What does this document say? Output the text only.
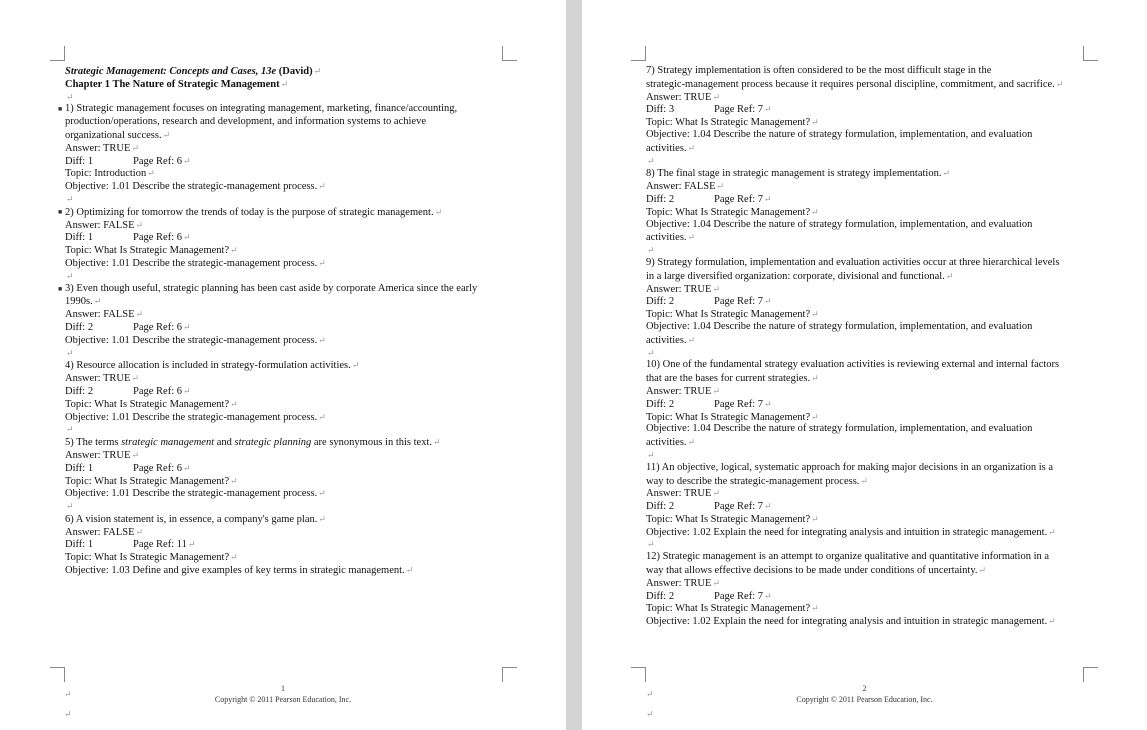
Strategic Management: Concepts and Cases, 13e (David)↵
Chapter 1 The Nature of Strategic Management↵
↵
■ 1) Strategic management focuses on integrating management, marketing, finance/accounting,
production/operations, research and development, and information systems to achieve
organizational success.↵
Answer: TRUE↵
Diff: 1	Page Ref: 6↵
Topic: Introduction↵
Objective: 1.01 Describe the strategic-management process.↵
↵
■ 2) Optimizing for tomorrow the trends of today is the purpose of strategic management.↵
Answer: FALSE↵
Diff: 1	Page Ref: 6↵
Topic: What Is Strategic Management?↵
Objective: 1.01 Describe the strategic-management process.↵
↵
■ 3) Even though useful, strategic planning has been cast aside by corporate America since the early
1990s.↵
Answer: FALSE↵
Diff: 2	Page Ref: 6↵
Objective: 1.01 Describe the strategic-management process.↵
↵
4) Resource allocation is included in strategy-formulation activities.↵
Answer: TRUE↵
Diff: 2	Page Ref: 6↵
Topic: What Is Strategic Management?↵
Objective: 1.01 Describe the strategic-management process.↵
↵
5) The terms strategic management and strategic planning are synonymous in this text.↵
Answer: TRUE↵
Diff: 1	Page Ref: 6↵
Topic: What Is Strategic Management?↵
Objective: 1.01 Describe the strategic-management process.↵
↵
6) A vision statement is, in essence, a company's game plan.↵
Answer: FALSE↵
Diff: 1	Page Ref: 11↵
Topic: What Is Strategic Management?↵
Objective: 1.03 Define and give examples of key terms in strategic management.↵
1
Copyright © 2011 Pearson Education, Inc.
↵
↵
7) Strategy implementation is often considered to be the most difficult stage in the
strategic-management process because it requires personal discipline, commitment, and sacrifice.↵
Answer: TRUE↵
Diff: 3	Page Ref: 7↵
Topic: What Is Strategic Management?↵
Objective: 1.04 Describe the nature of strategy formulation, implementation, and evaluation
activities.↵
↵
8) The final stage in strategic management is strategy implementation.↵
Answer: FALSE↵
Diff: 2	Page Ref: 7↵
Topic: What Is Strategic Management?↵
Objective: 1.04 Describe the nature of strategy formulation, implementation, and evaluation
activities.↵
↵
9) Strategy formulation, implementation and evaluation activities occur at three hierarchical levels
in a large diversified organization: corporate, divisional and functional.↵
Answer: TRUE↵
Diff: 2	Page Ref: 7↵
Topic: What Is Strategic Management?↵
Objective: 1.04 Describe the nature of strategy formulation, implementation, and evaluation
activities.↵
↵
10) One of the fundamental strategy evaluation activities is reviewing external and internal factors
that are the bases for current strategies.↵
Answer: TRUE↵
Diff: 2	Page Ref: 7↵
Topic: What Is Strategic Management?↵
Objective: 1.04 Describe the nature of strategy formulation, implementation, and evaluation
activities.↵
↵
11) An objective, logical, systematic approach for making major decisions in an organization is a
way to describe the strategic-management process.↵
Answer: TRUE↵
Diff: 2	Page Ref: 7↵
Topic: What Is Strategic Management?↵
Objective: 1.02 Explain the need for integrating analysis and intuition in strategic management.↵
↵
12) Strategic management is an attempt to organize qualitative and quantitative information in a
way that allows effective decisions to be made under conditions of uncertainty.↵
Answer: TRUE↵
Diff: 2	Page Ref: 7↵
Topic: What Is Strategic Management?↵
Objective: 1.02 Explain the need for integrating analysis and intuition in strategic management.↵
2
Copyright © 2011 Pearson Education, Inc.
↵
↵
